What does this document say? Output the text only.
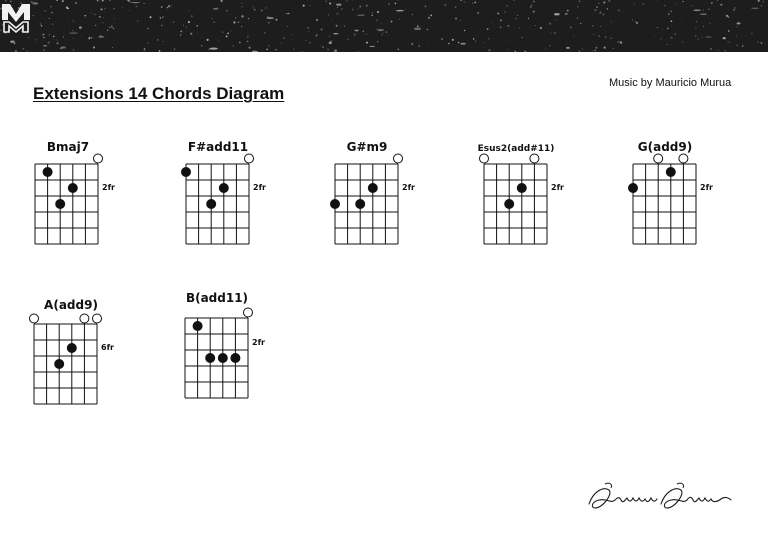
Extensions 14 Chords Diagram
Music by Mauricio Murua
Bmaj7
2fr
F#add11
2fr
G#m9
2fr
Esus2(add#11)
2fr
G(add9)
2fr
A(add9)
6fr
B(add11)
2fr
